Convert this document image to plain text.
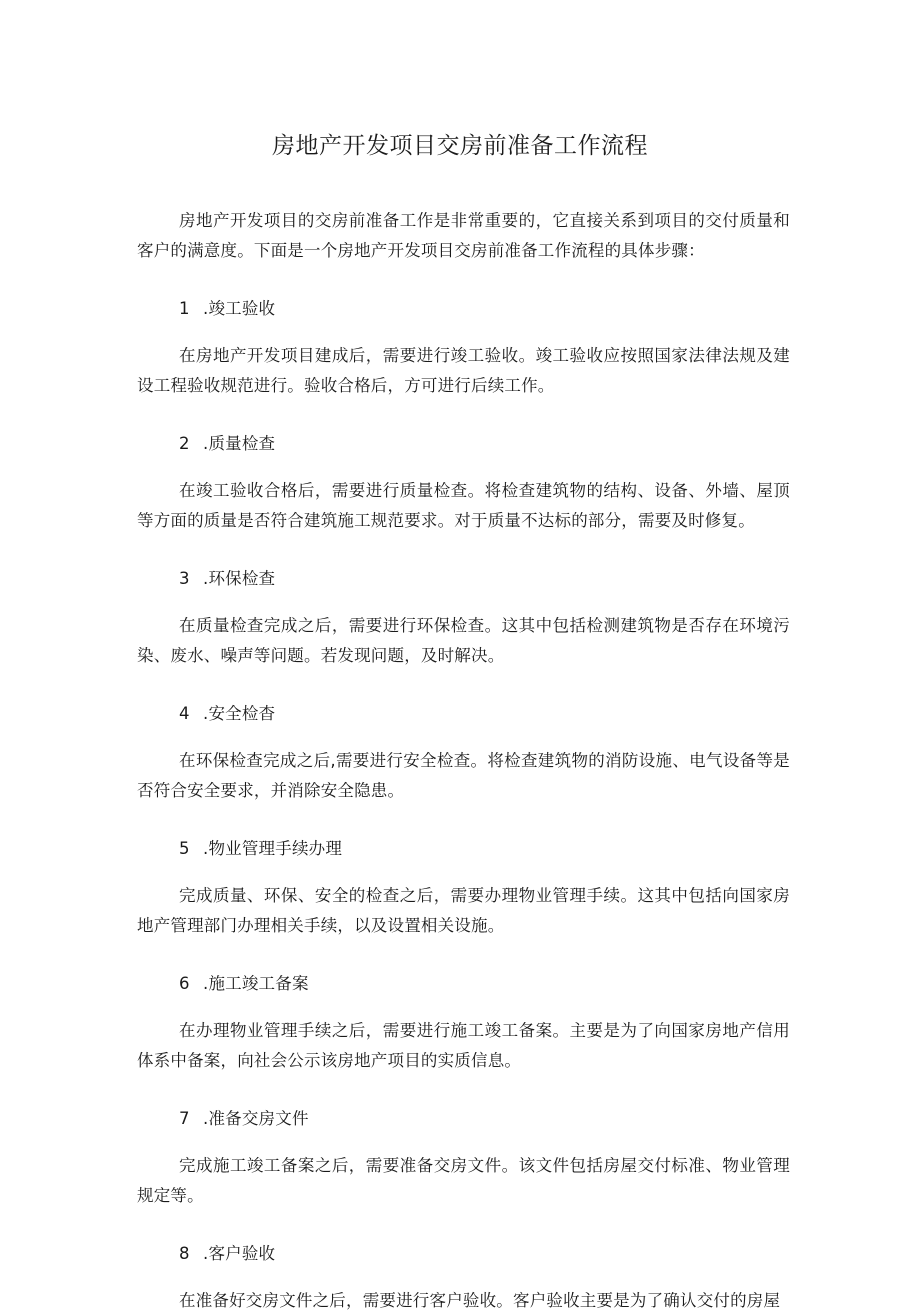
房地产开发项目交房前准备工作流程

房地产开发项目的交房前准备工作是非常重要的，它直接关系到项目的交付质量和客户的满意度。下面是一个房地产开发项目交房前准备工作流程的具体步骤：

1 .竣工验收

在房地产开发项目建成后，需要进行竣工验收。竣工验收应按照国家法律法规及建设工程验收规范进行。验收合格后，方可进行后续工作。

2 .质量检查

在竣工验收合格后，需要进行质量检查。将检查建筑物的结构、设备、外墙、屋顶等方面的质量是否符合建筑施工规范要求。对于质量不达标的部分，需要及时修复。

3 .环保检查

在质量检查完成之后，需要进行环保检查。这其中包括检测建筑物是否存在环境污染、废水、噪声等问题。若发现问题，及时解决。

4 .安全检杳

在环保检查完成之后,需要进行安全检查。将检查建筑物的消防设施、电气设备等是否符合安全要求，并消除安全隐患。

5 .物业管理手续办理

完成质量、环保、安全的检查之后，需要办理物业管理手续。这其中包括向国家房地产管理部门办理相关手续，以及设置相关设施。

6 .施工竣工备案

在办理物业管理手续之后，需要进行施工竣工备案。主要是为了向国家房地产信用体系中备案，向社会公示该房地产项目的实质信息。

7 .准备交房文件

完成施工竣工备案之后，需要准备交房文件。该文件包括房屋交付标准、物业管理规定等。

8 .客户验收

在准备好交房文件之后，需要进行客户验收。客户验收主要是为了确认交付的房屋
